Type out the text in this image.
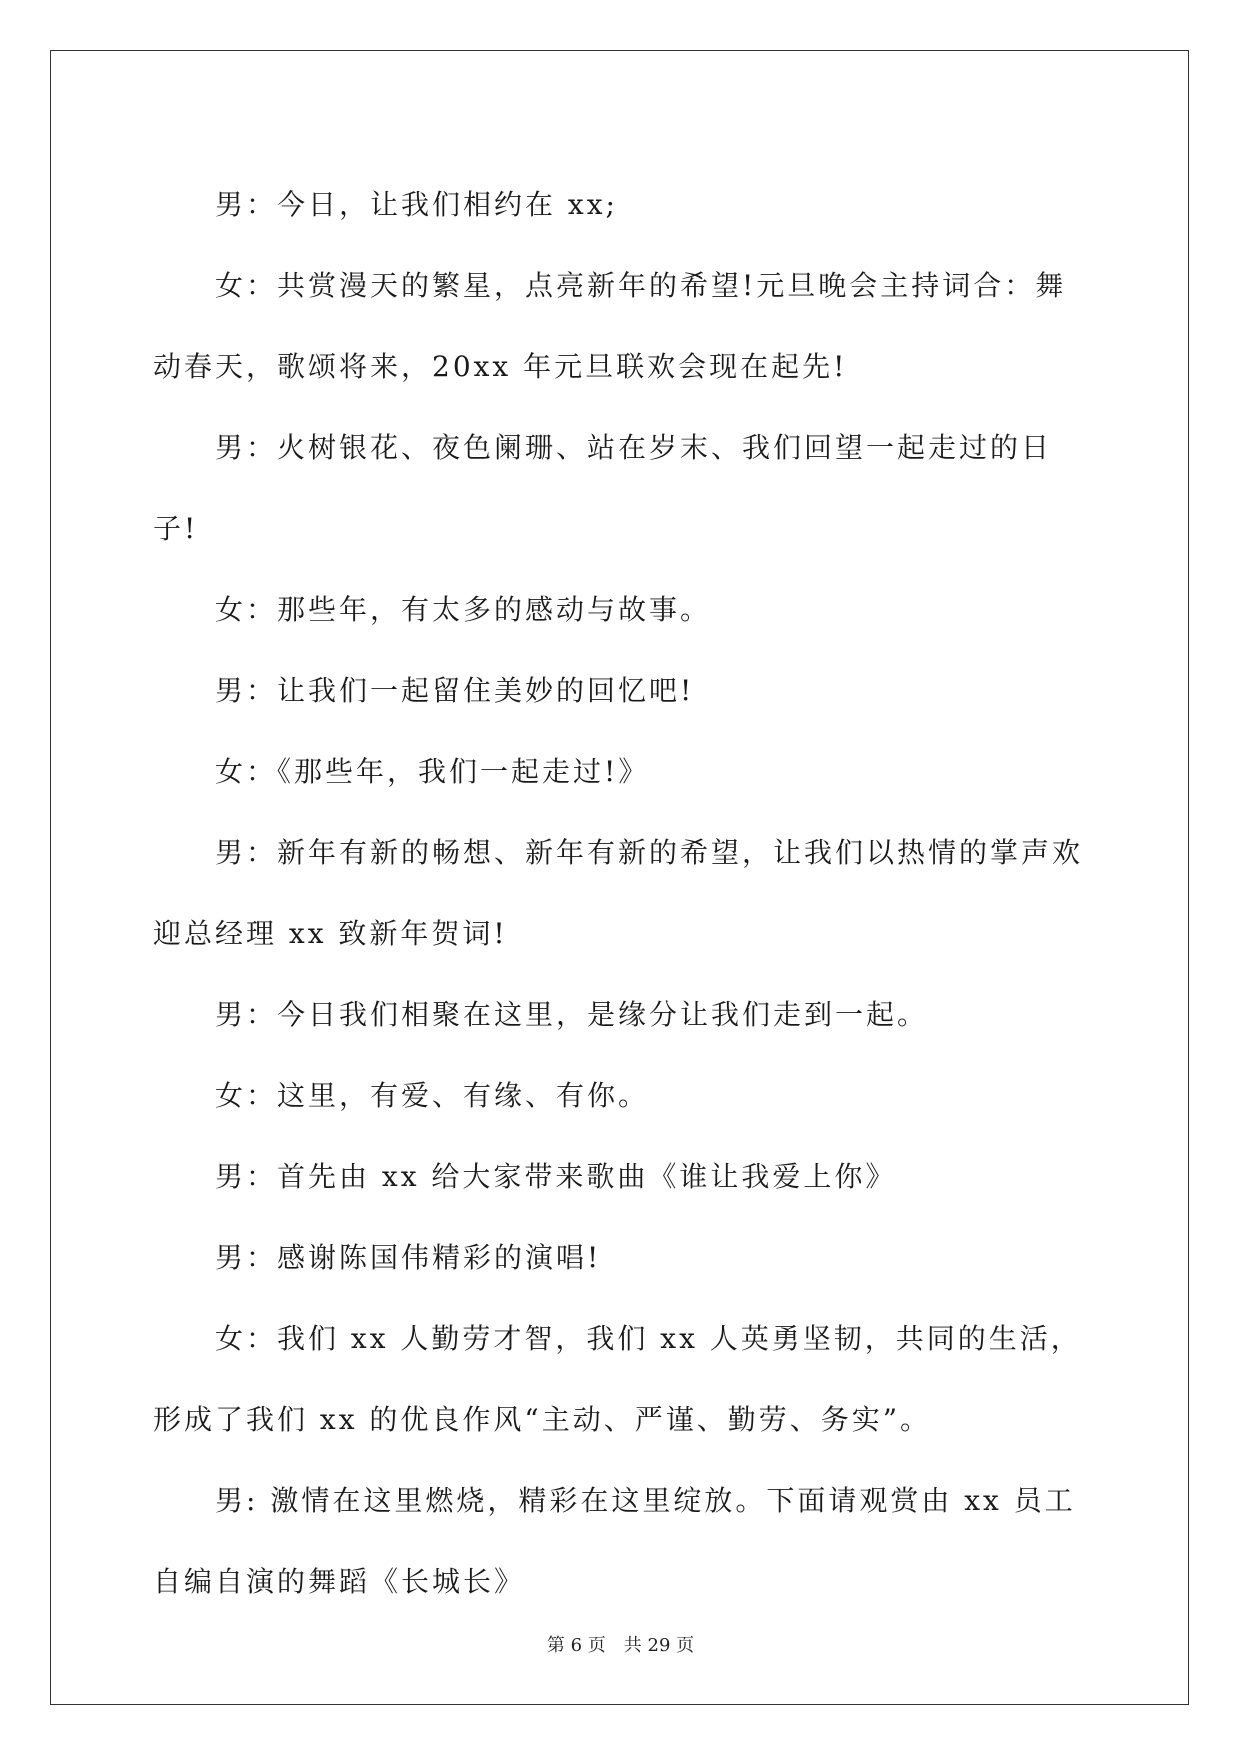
男：今日，让我们相约在 xx;

女：共赏漫天的繁星，点亮新年的希望!元旦晚会主持词合：舞动春天，歌颂将来，20xx 年元旦联欢会现在起先!

男：火树银花、夜色阑珊、站在岁末、我们回望一起走过的日子!

女：那些年，有太多的感动与故事。

男：让我们一起留住美妙的回忆吧!

女：《那些年，我们一起走过!》

男：新年有新的畅想、新年有新的希望，让我们以热情的掌声欢迎总经理 xx 致新年贺词!

男：今日我们相聚在这里，是缘分让我们走到一起。

女：这里，有爱、有缘、有你。

男：首先由 xx 给大家带来歌曲《谁让我爱上你》

男：感谢陈国伟精彩的演唱!

女：我们 xx 人勤劳才智，我们 xx 人英勇坚韧，共同的生活，形成了我们 xx 的优良作风“主动、严谨、勤劳、务实”。

男: 激情在这里燃烧，精彩在这里绽放。下面请观赏由 xx 员工自编自演的舞蹈《长城长》

第 6 页 共 29 页
